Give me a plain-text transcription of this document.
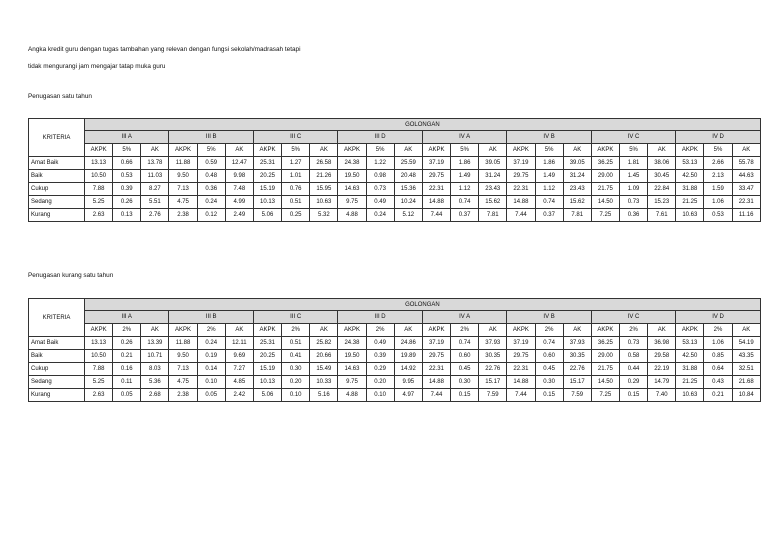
Angka kredit guru dengan tugas tambahan yang relevan dengan fungsi sekolah/madrasah tetapi
tidak mengurangi jam mengajar tatap muka guru
Penugasan satu tahun
KRITERIA	GOLONGAN																							
	III A			III B			III C			III D			IV A			IV B			IV C			IV D		
	AKPK	5%	AK	AKPK	5%	AK	AKPK	5%	AK	AKPK	5%	AK	AKPK	5%	AK	AKPK	5%	AK	AKPK	5%	AK	AKPK	5%	AK
Amat Baik	13.13	0.66	13.78	11.88	0.59	12.47	25.31	1.27	26.58	24.38	1.22	25.59	37.19	1.86	39.05	37.19	1.86	39.05	36.25	1.81	38.06	53.13	2.66	55.78
Baik	10.50	0.53	11.03	9.50	0.48	9.98	20.25	1.01	21.26	19.50	0.98	20.48	29.75	1.49	31.24	29.75	1.49	31.24	29.00	1.45	30.45	42.50	2.13	44.63
Cukup	7.88	0.39	8.27	7.13	0.36	7.48	15.19	0.76	15.95	14.63	0.73	15.36	22.31	1.12	23.43	22.31	1.12	23.43	21.75	1.09	22.84	31.88	1.59	33.47
Sedang	5.25	0.26	5.51	4.75	0.24	4.99	10.13	0.51	10.63	9.75	0.49	10.24	14.88	0.74	15.62	14.88	0.74	15.62	14.50	0.73	15.23	21.25	1.06	22.31
Kurang	2.63	0.13	2.76	2.38	0.12	2.49	5.06	0.25	5.32	4.88	0.24	5.12	7.44	0.37	7.81	7.44	0.37	7.81	7.25	0.36	7.61	10.63	0.53	11.16
Penugasan kurang satu tahun
KRITERIA	GOLONGAN																							
	III A			III B			III C			III D			IV A			IV B			IV C			IV D		
	AKPK	2%	AK	AKPK	2%	AK	AKPK	2%	AK	AKPK	2%	AK	AKPK	2%	AK	AKPK	2%	AK	AKPK	2%	AK	AKPK	2%	AK
Amat Baik	13.13	0.26	13.39	11.88	0.24	12.11	25.31	0.51	25.82	24.38	0.49	24.86	37.19	0.74	37.93	37.19	0.74	37.93	36.25	0.73	36.98	53.13	1.06	54.19
Baik	10.50	0.21	10.71	9.50	0.19	9.69	20.25	0.41	20.66	19.50	0.39	19.89	29.75	0.60	30.35	29.75	0.60	30.35	29.00	0.58	29.58	42.50	0.85	43.35
Cukup	7.88	0.16	8.03	7.13	0.14	7.27	15.19	0.30	15.49	14.63	0.29	14.92	22.31	0.45	22.76	22.31	0.45	22.76	21.75	0.44	22.19	31.88	0.64	32.51
Sedang	5.25	0.11	5.36	4.75	0.10	4.85	10.13	0.20	10.33	9.75	0.20	9.95	14.88	0.30	15.17	14.88	0.30	15.17	14.50	0.29	14.79	21.25	0.43	21.68
Kurang	2.63	0.05	2.68	2.38	0.05	2.42	5.06	0.10	5.16	4.88	0.10	4.97	7.44	0.15	7.59	7.44	0.15	7.59	7.25	0.15	7.40	10.63	0.21	10.84
